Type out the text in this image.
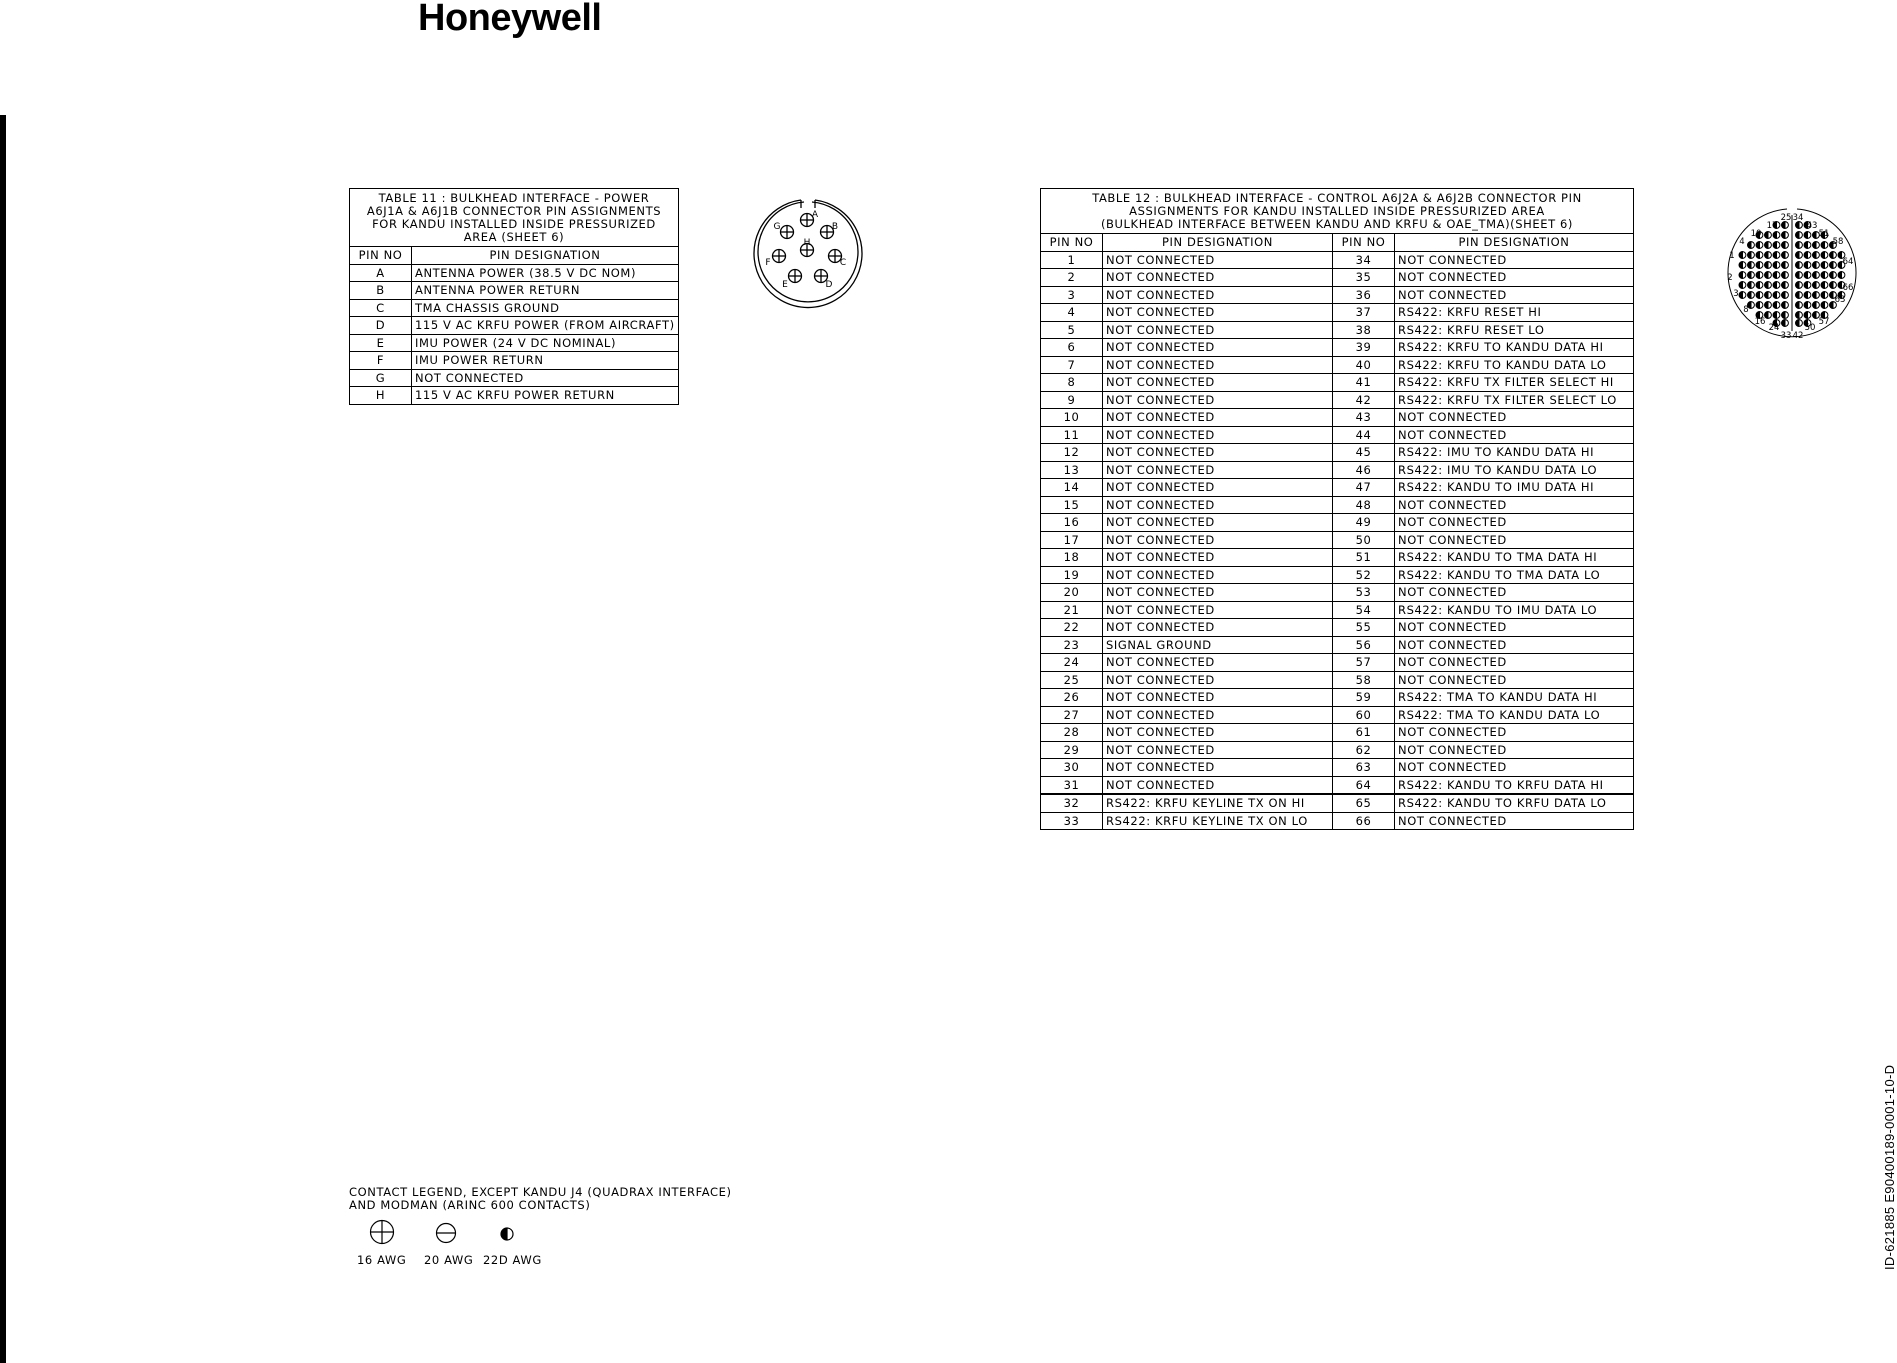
Honeywell
ID-621885 E90400189-0001-10-D
TABLE 11 : BULKHEAD INTERFACE - POWER
A6J1A & A6J1B CONNECTOR PIN ASSIGNMENTS
FOR KANDU INSTALLED INSIDE PRESSURIZED
AREA (SHEET 6)	

PIN NO	PIN DESIGNATION
A	ANTENNA POWER (38.5 V DC NOM)
B	ANTENNA POWER RETURN
C	TMA CHASSIS GROUND
D	115 V AC KRFU POWER (FROM AIRCRAFT)
E	IMU POWER (24 V DC NOMINAL)
F	IMU POWER RETURN
G	NOT CONNECTED
H	115 V AC KRFU POWER RETURN
A
B
C
D
E
F
G
H
TABLE 12 : BULKHEAD INTERFACE - CONTROL A6J2A & A6J2B CONNECTOR PIN
ASSIGNMENTS FOR KANDU INSTALLED INSIDE PRESSURIZED AREA
(BULKHEAD INTERFACE BETWEEN KANDU AND KRFU & OAE_TMA)(SHEET 6)			

PIN NO	PIN DESIGNATION	PIN NO	PIN DESIGNATION
1	NOT CONNECTED	34	NOT CONNECTED
2	NOT CONNECTED	35	NOT CONNECTED
3	NOT CONNECTED	36	NOT CONNECTED
4	NOT CONNECTED	37	RS422: KRFU RESET HI
5	NOT CONNECTED	38	RS422: KRFU RESET LO
6	NOT CONNECTED	39	RS422: KRFU TO KANDU DATA HI
7	NOT CONNECTED	40	RS422: KRFU TO KANDU DATA LO
8	NOT CONNECTED	41	RS422: KRFU TX FILTER SELECT HI
9	NOT CONNECTED	42	RS422: KRFU TX FILTER SELECT LO
10	NOT CONNECTED	43	NOT CONNECTED
11	NOT CONNECTED	44	NOT CONNECTED
12	NOT CONNECTED	45	RS422: IMU TO KANDU DATA HI
13	NOT CONNECTED	46	RS422: IMU TO KANDU DATA LO
14	NOT CONNECTED	47	RS422: KANDU TO IMU DATA HI
15	NOT CONNECTED	48	NOT CONNECTED
16	NOT CONNECTED	49	NOT CONNECTED
17	NOT CONNECTED	50	NOT CONNECTED
18	NOT CONNECTED	51	RS422: KANDU TO TMA DATA HI
19	NOT CONNECTED	52	RS422: KANDU TO TMA DATA LO
20	NOT CONNECTED	53	NOT CONNECTED
21	NOT CONNECTED	54	RS422: KANDU TO IMU DATA LO
22	NOT CONNECTED	55	NOT CONNECTED
23	SIGNAL GROUND	56	NOT CONNECTED
24	NOT CONNECTED	57	NOT CONNECTED
25	NOT CONNECTED	58	NOT CONNECTED
26	NOT CONNECTED	59	RS422: TMA TO KANDU DATA HI
27	NOT CONNECTED	60	RS422: TMA TO KANDU DATA LO
28	NOT CONNECTED	61	NOT CONNECTED
29	NOT CONNECTED	62	NOT CONNECTED
30	NOT CONNECTED	63	NOT CONNECTED
31	NOT CONNECTED	64	RS422: KANDU TO KRFU DATA HI
32	RS422: KRFU KEYLINE TX ON HI	65	RS422: KANDU TO KRFU DATA LO
33	RS422: KRFU KEYLINE TX ON LO	66	NOT CONNECTED
1
2
3
4
8
10
16
17
24
25
33
34
42
43
50
51
57
58
63
64
66
CONTACT LEGEND, EXCEPT KANDU J4 (QUADRAX INTERFACE)
AND MODMAN (ARINC 600 CONTACTS)
16 AWG 20 AWG 22D AWG
